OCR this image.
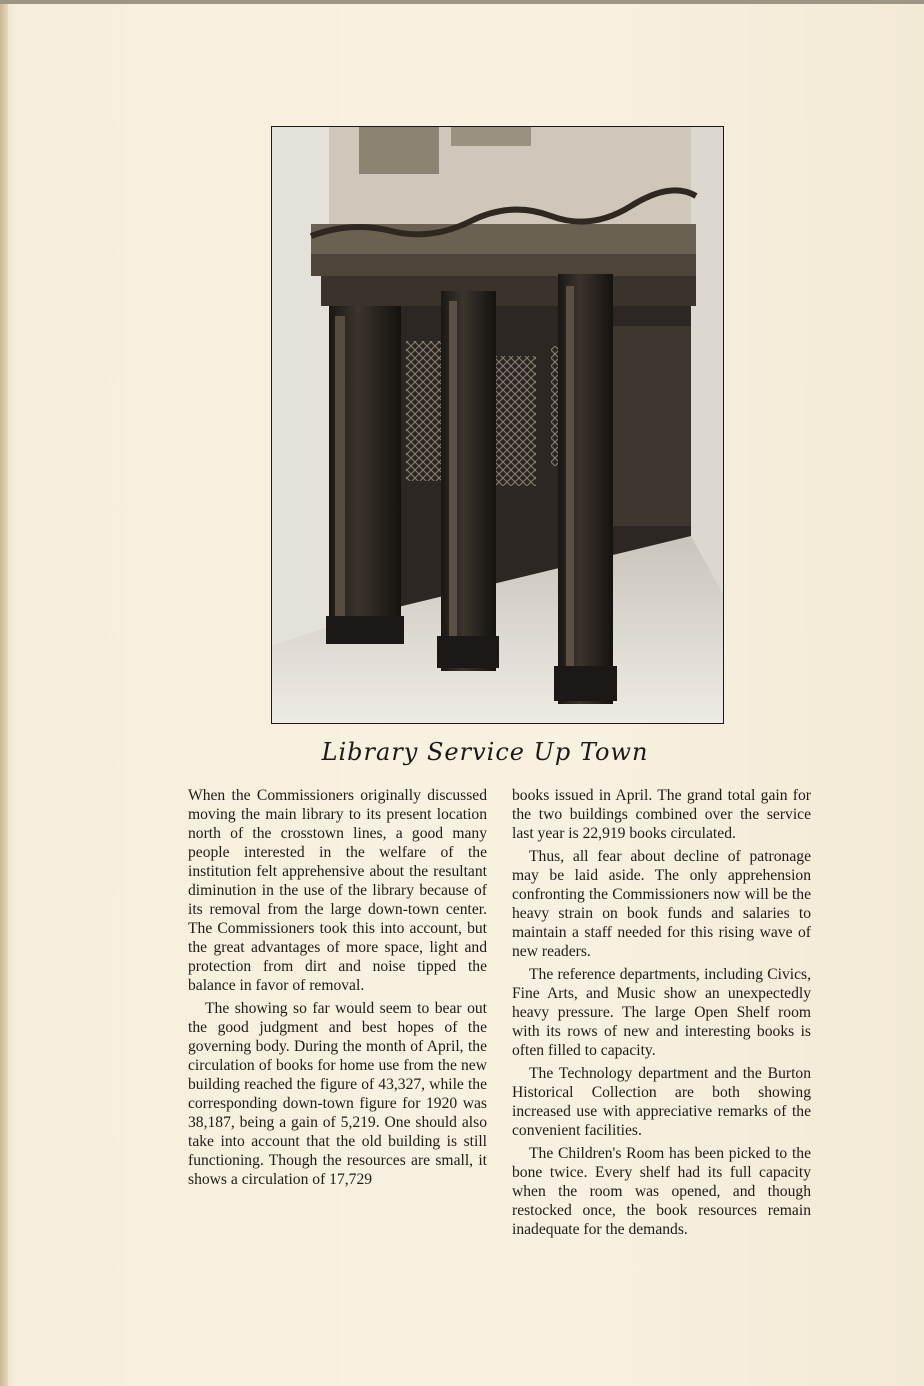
Library Service Up Town

When the Commissioners originally discussed moving the main library to its present location north of the crosstown lines, a good many people interested in the welfare of the institution felt apprehensive about the resultant diminution in the use of the library because of its removal from the large down-town center. The Commissioners took this into account, but the great advantages of more space, light and protection from dirt and noise tipped the balance in favor of removal.

The showing so far would seem to bear out the good judgment and best hopes of the governing body. During the month of April, the circulation of books for home use from the new building reached the figure of 43,327, while the corresponding down-town figure for 1920 was 38,187, being a gain of 5,219. One should also take into account that the old building is still functioning. Though the resources are small, it shows a circulation of 17,729

books issued in April. The grand total gain for the two buildings combined over the service last year is 22,919 books circulated.

Thus, all fear about decline of patronage may be laid aside. The only apprehension confronting the Commissioners now will be the heavy strain on book funds and salaries to maintain a staff needed for this rising wave of new readers.

The reference departments, including Civics, Fine Arts, and Music show an unexpectedly heavy pressure. The large Open Shelf room with its rows of new and interesting books is often filled to capacity.

The Technology department and the Burton Historical Collection are both showing increased use with appreciative remarks of the convenient facilities.

The Children's Room has been picked to the bone twice. Every shelf had its full capacity when the room was opened, and though restocked once, the book resources remain inadequate for the demands.
